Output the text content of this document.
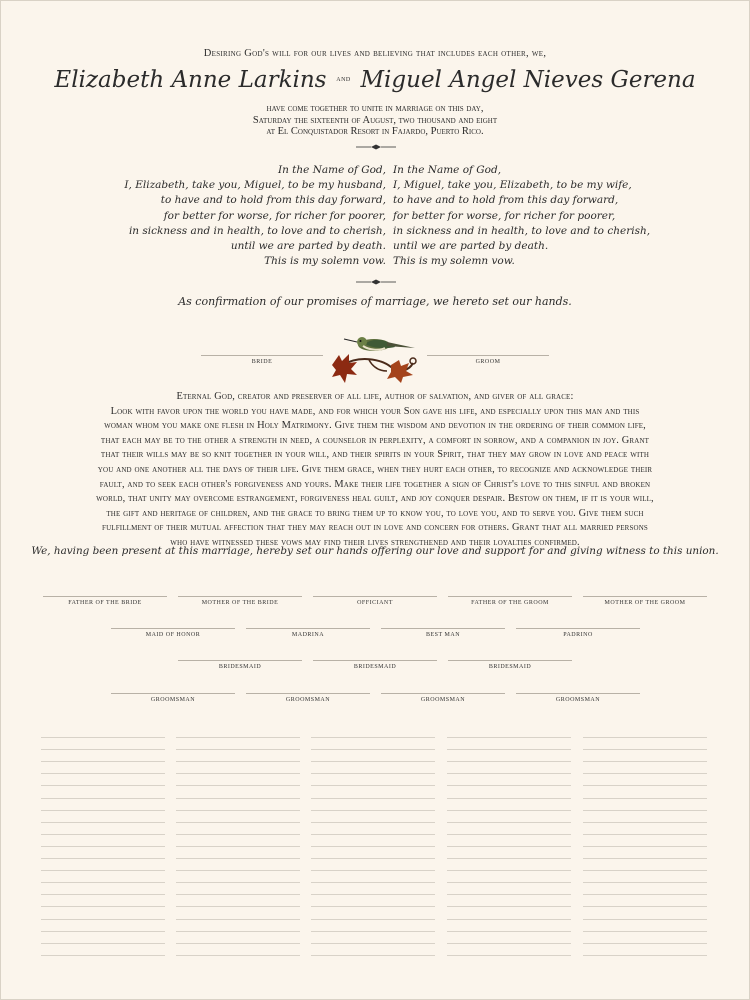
Desiring God's will for our lives and believing that includes each other, we,
Elizabeth Anne Larkins $^{and}$ Miguel Angel Nieves Gerena
have come together to unite in marriage on this day,
Saturday the sixteenth of August, two thousand and eight
at El Conquistador Resort in Fajardo, Puerto Rico.
In the Name of God,
I, Elizabeth, take you, Miguel, to be my husband,
to have and to hold from this day forward,
for better for worse, for richer for poorer,
in sickness and in health, to love and to cherish,
until we are parted by death.
This is my solemn vow.
In the Name of God,
I, Miguel, take you, Elizabeth, to be my wife,
to have and to hold from this day forward,
for better for worse, for richer for poorer,
in sickness and in health, to love and to cherish,
until we are parted by death.
This is my solemn vow.
As confirmation of our promises of marriage, we hereto set our hands.
BRIDE	GROOM
Eternal God, creator and preserver of all life, author of salvation, and giver of all grace:
Look with favor upon the world you have made, and for which your Son gave his life, and especially upon this man and this
woman whom you make one flesh in Holy Matrimony. Give them the wisdom and devotion in the ordering of their common life,
that each may be to the other a strength in need, a counselor in perplexity, a comfort in sorrow, and a companion in joy. Grant
that their wills may be so knit together in your will, and their spirits in your Spirit, that they may grow in love and peace with
you and one another all the days of their life. Give them grace, when they hurt each other, to recognize and acknowledge their
fault, and to seek each other's forgiveness and yours. Make their life together a sign of Christ's love to this sinful and broken
world, that unity may overcome estrangement, forgiveness heal guilt, and joy conquer despair. Bestow on them, if it is your will,
the gift and heritage of children, and the grace to bring them up to know you, to love you, and to serve you. Give them such
fulfillment of their mutual affection that they may reach out in love and concern for others. Grant that all married persons
who have witnessed these vows may find their lives strengthened and their loyalties confirmed.
We, having been present at this marriage, hereby set our hands offering our love and support for and giving witness to this union.
FATHER OF THE BRIDE	MOTHER OF THE BRIDE	OFFICIANT	FATHER OF THE GROOM	MOTHER OF THE GROOM
MAID OF HONOR	MADRINA	BEST MAN	PADRINO
BRIDESMAID	BRIDESMAID	BRIDESMAID
GROOMSMAN	GROOMSMAN	GROOMSMAN	GROOMSMAN
